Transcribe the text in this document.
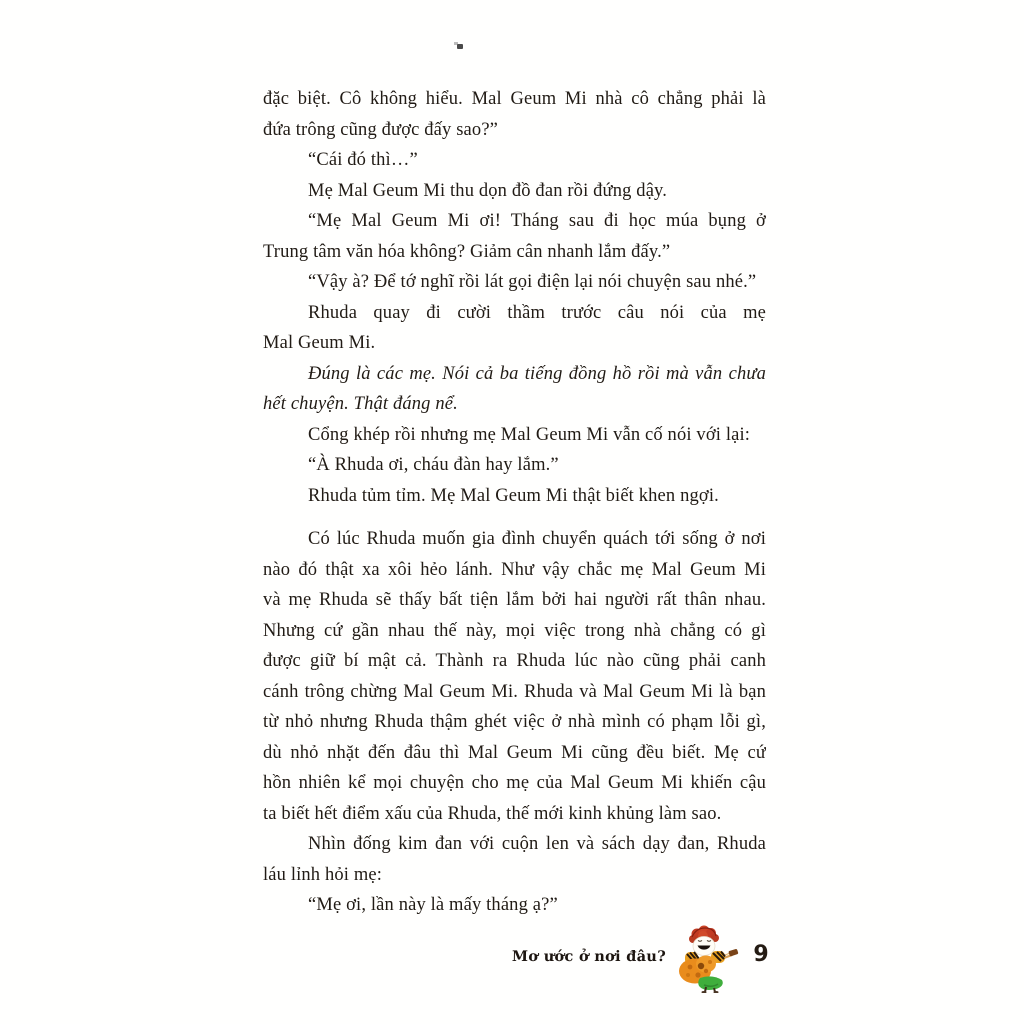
đặc biệt. Cô không hiểu. Mal Geum Mi nhà cô chẳng phải là
đứa trông cũng được đấy sao?”
“Cái đó thì…”
Mẹ Mal Geum Mi thu dọn đồ đan rồi đứng dậy.
“Mẹ Mal Geum Mi ơi! Tháng sau đi học múa bụng ở
Trung tâm văn hóa không? Giảm cân nhanh lắm đấy.”
“Vậy à? Để tớ nghĩ rồi lát gọi điện lại nói chuyện sau nhé.”
Rhuda quay đi cười thầm trước câu nói của mẹ
Mal Geum Mi.
Đúng là các mẹ. Nói cả ba tiếng đồng hồ rồi mà vẫn chưa
hết chuyện. Thật đáng nể.
Cổng khép rồi nhưng mẹ Mal Geum Mi vẫn cố nói với lại:
“À Rhuda ơi, cháu đàn hay lắm.”
Rhuda tủm tỉm. Mẹ Mal Geum Mi thật biết khen ngợi.
Có lúc Rhuda muốn gia đình chuyển quách tới sống ở nơi
nào đó thật xa xôi hẻo lánh. Như vậy chắc mẹ Mal Geum Mi
và mẹ Rhuda sẽ thấy bất tiện lắm bởi hai người rất thân nhau.
Nhưng cứ gần nhau thế này, mọi việc trong nhà chẳng có gì
được giữ bí mật cả. Thành ra Rhuda lúc nào cũng phải canh
cánh trông chừng Mal Geum Mi. Rhuda và Mal Geum Mi là bạn
từ nhỏ nhưng Rhuda thậm ghét việc ở nhà mình có phạm lỗi gì,
dù nhỏ nhặt đến đâu thì Mal Geum Mi cũng đều biết. Mẹ cứ
hồn nhiên kể mọi chuyện cho mẹ của Mal Geum Mi khiến cậu
ta biết hết điểm xấu của Rhuda, thế mới kinh khủng làm sao.
Nhìn đống kim đan với cuộn len và sách dạy đan, Rhuda
láu lỉnh hỏi mẹ:
“Mẹ ơi, lần này là mấy tháng ạ?”
Mơ ước ở nơi đâu?	9
